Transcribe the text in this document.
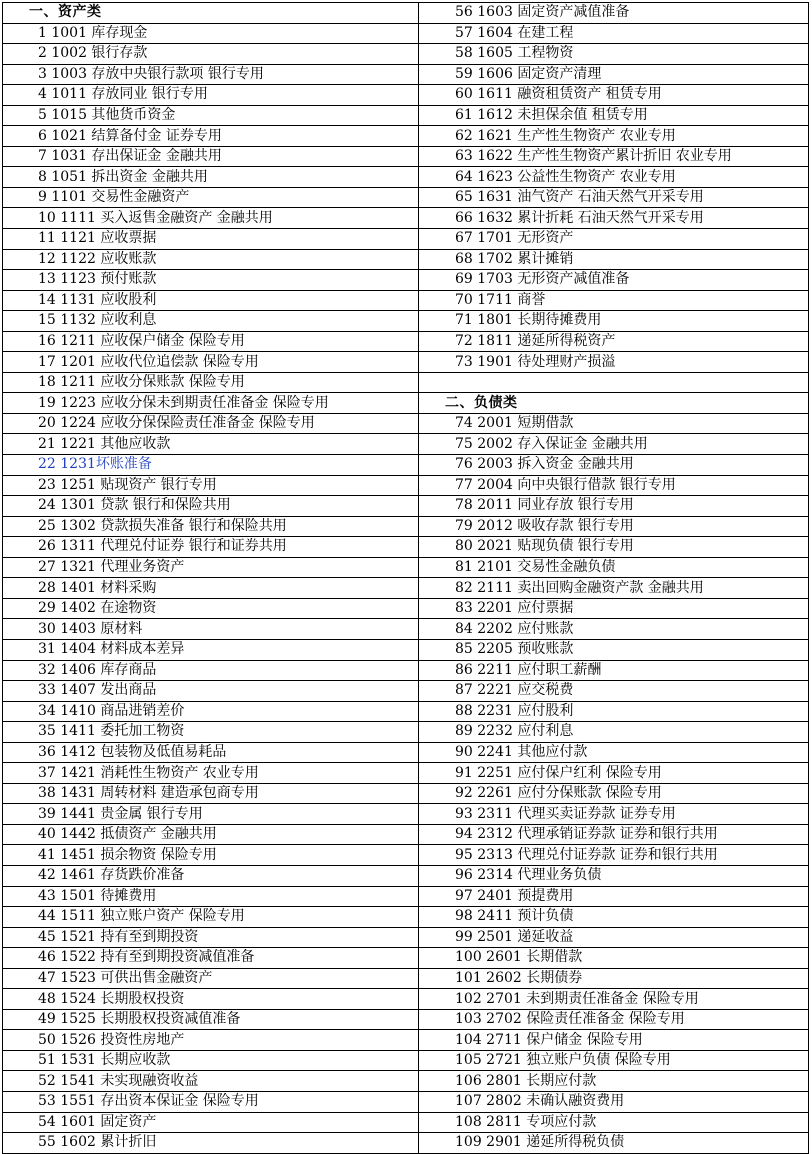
一、资产类
1 1001 库存现金
2 1002 银行存款
3 1003 存放中央银行款项 银行专用
4 1011 存放同业 银行专用
5 1015 其他货币资金
6 1021 结算备付金 证券专用
7 1031 存出保证金 金融共用
8 1051 拆出资金 金融共用
9 1101 交易性金融资产
10 1111 买入返售金融资产 金融共用
11 1121 应收票据
12 1122 应收账款
13 1123 预付账款
14 1131 应收股利
15 1132 应收利息
16 1211 应收保户储金 保险专用
17 1201 应收代位追偿款 保险专用
18 1211 应收分保账款 保险专用
19 1223 应收分保未到期责任准备金 保险专用
20 1224 应收分保保险责任准备金 保险专用
21 1221 其他应收款
22 1231坏账准备
23 1251 贴现资产 银行专用
24 1301 贷款 银行和保险共用
25 1302 贷款损失准备 银行和保险共用
26 1311 代理兑付证券 银行和证券共用
27 1321 代理业务资产
28 1401 材料采购
29 1402 在途物资
30 1403 原材料
31 1404 材料成本差异
32 1406 库存商品
33 1407 发出商品
34 1410 商品进销差价
35 1411 委托加工物资
36 1412 包装物及低值易耗品
37 1421 消耗性生物资产 农业专用
38 1431 周转材料 建造承包商专用
39 1441 贵金属 银行专用
40 1442 抵债资产 金融共用
41 1451 损余物资 保险专用
42 1461 存货跌价准备
43 1501 待摊费用
44 1511 独立账户资产 保险专用
45 1521 持有至到期投资
46 1522 持有至到期投资减值准备
47 1523 可供出售金融资产
48 1524 长期股权投资
49 1525 长期股权投资减值准备
50 1526 投资性房地产
51 1531 长期应收款
52 1541 未实现融资收益
53 1551 存出资本保证金 保险专用
54 1601 固定资产
55 1602 累计折旧
56 1603 固定资产减值准备
57 1604 在建工程
58 1605 工程物资
59 1606 固定资产清理
60 1611 融资租赁资产 租赁专用
61 1612 未担保余值 租赁专用
62 1621 生产性生物资产 农业专用
63 1622 生产性生物资产累计折旧 农业专用
64 1623 公益性生物资产 农业专用
65 1631 油气资产 石油天然气开采专用
66 1632 累计折耗 石油天然气开采专用
67 1701 无形资产
68 1702 累计摊销
69 1703 无形资产减值准备
70 1711 商誉
71 1801 长期待摊费用
72 1811 递延所得税资产
73 1901 待处理财产损溢

二、负债类
74 2001 短期借款
75 2002 存入保证金 金融共用
76 2003 拆入资金 金融共用
77 2004 向中央银行借款 银行专用
78 2011 同业存放 银行专用
79 2012 吸收存款 银行专用
80 2021 贴现负债 银行专用
81 2101 交易性金融负债
82 2111 卖出回购金融资产款 金融共用
83 2201 应付票据
84 2202 应付账款
85 2205 预收账款
86 2211 应付职工薪酬
87 2221 应交税费
88 2231 应付股利
89 2232 应付利息
90 2241 其他应付款
91 2251 应付保户红利 保险专用
92 2261 应付分保账款 保险专用
93 2311 代理买卖证券款 证券专用
94 2312 代理承销证券款 证券和银行共用
95 2313 代理兑付证券款 证券和银行共用
96 2314 代理业务负债
97 2401 预提费用
98 2411 预计负债
99 2501 递延收益
100 2601 长期借款
101 2602 长期债券
102 2701 未到期责任准备金 保险专用
103 2702 保险责任准备金 保险专用
104 2711 保户储金 保险专用
105 2721 独立账户负债 保险专用
106 2801 长期应付款
107 2802 未确认融资费用
108 2811 专项应付款
109 2901 递延所得税负债
